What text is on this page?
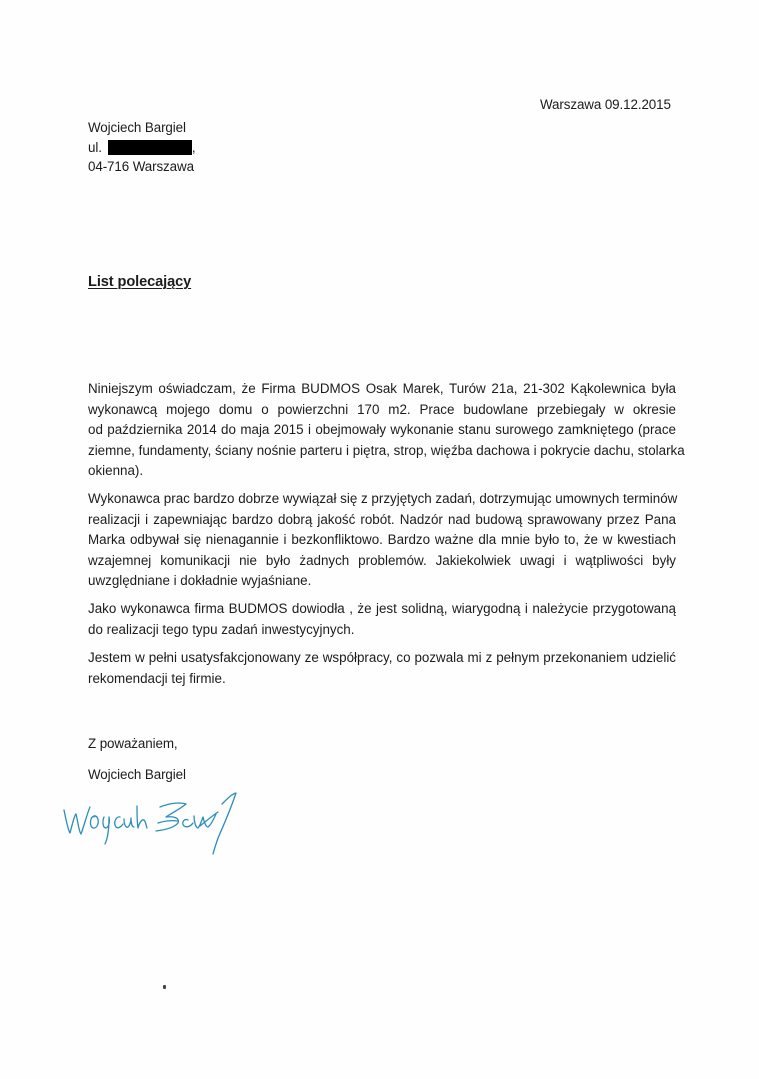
Warszawa 09.12.2015
Wojciech Bargiel
ul.	,
04-716 Warszawa
List polecający
Niniejszym oświadczam, że Firma BUDMOS Osak Marek, Turów 21a, 21-302 Kąkolewnica była
wykonawcą mojego domu o powierzchni 170 m2. Prace budowlane przebiegały w okresie
od października 2014 do maja 2015 i obejmowały wykonanie stanu surowego zamkniętego (prace
ziemne, fundamenty, ściany nośnie parteru i piętra, strop, więźba dachowa i pokrycie dachu, stolarka
okienna).
Wykonawca prac bardzo dobrze wywiązał się z przyjętych zadań, dotrzymując umownych terminów
realizacji i zapewniając bardzo dobrą jakość robót. Nadzór nad budową sprawowany przez Pana
Marka odbywał się nienagannie i bezkonfliktowo. Bardzo ważne dla mnie było to, że w kwestiach
wzajemnej komunikacji nie było żadnych problemów. Jakiekolwiek uwagi i wątpliwości były
uwzględniane i dokładnie wyjaśniane.
Jako wykonawca firma BUDMOS dowiodła , że jest solidną, wiarygodną i należycie przygotowaną
do realizacji tego typu zadań inwestycyjnych.
Jestem w pełni usatysfakcjonowany ze współpracy, co pozwala mi z pełnym przekonaniem udzielić
rekomendacji tej firmie.
Z poważaniem,
Wojciech Bargiel
